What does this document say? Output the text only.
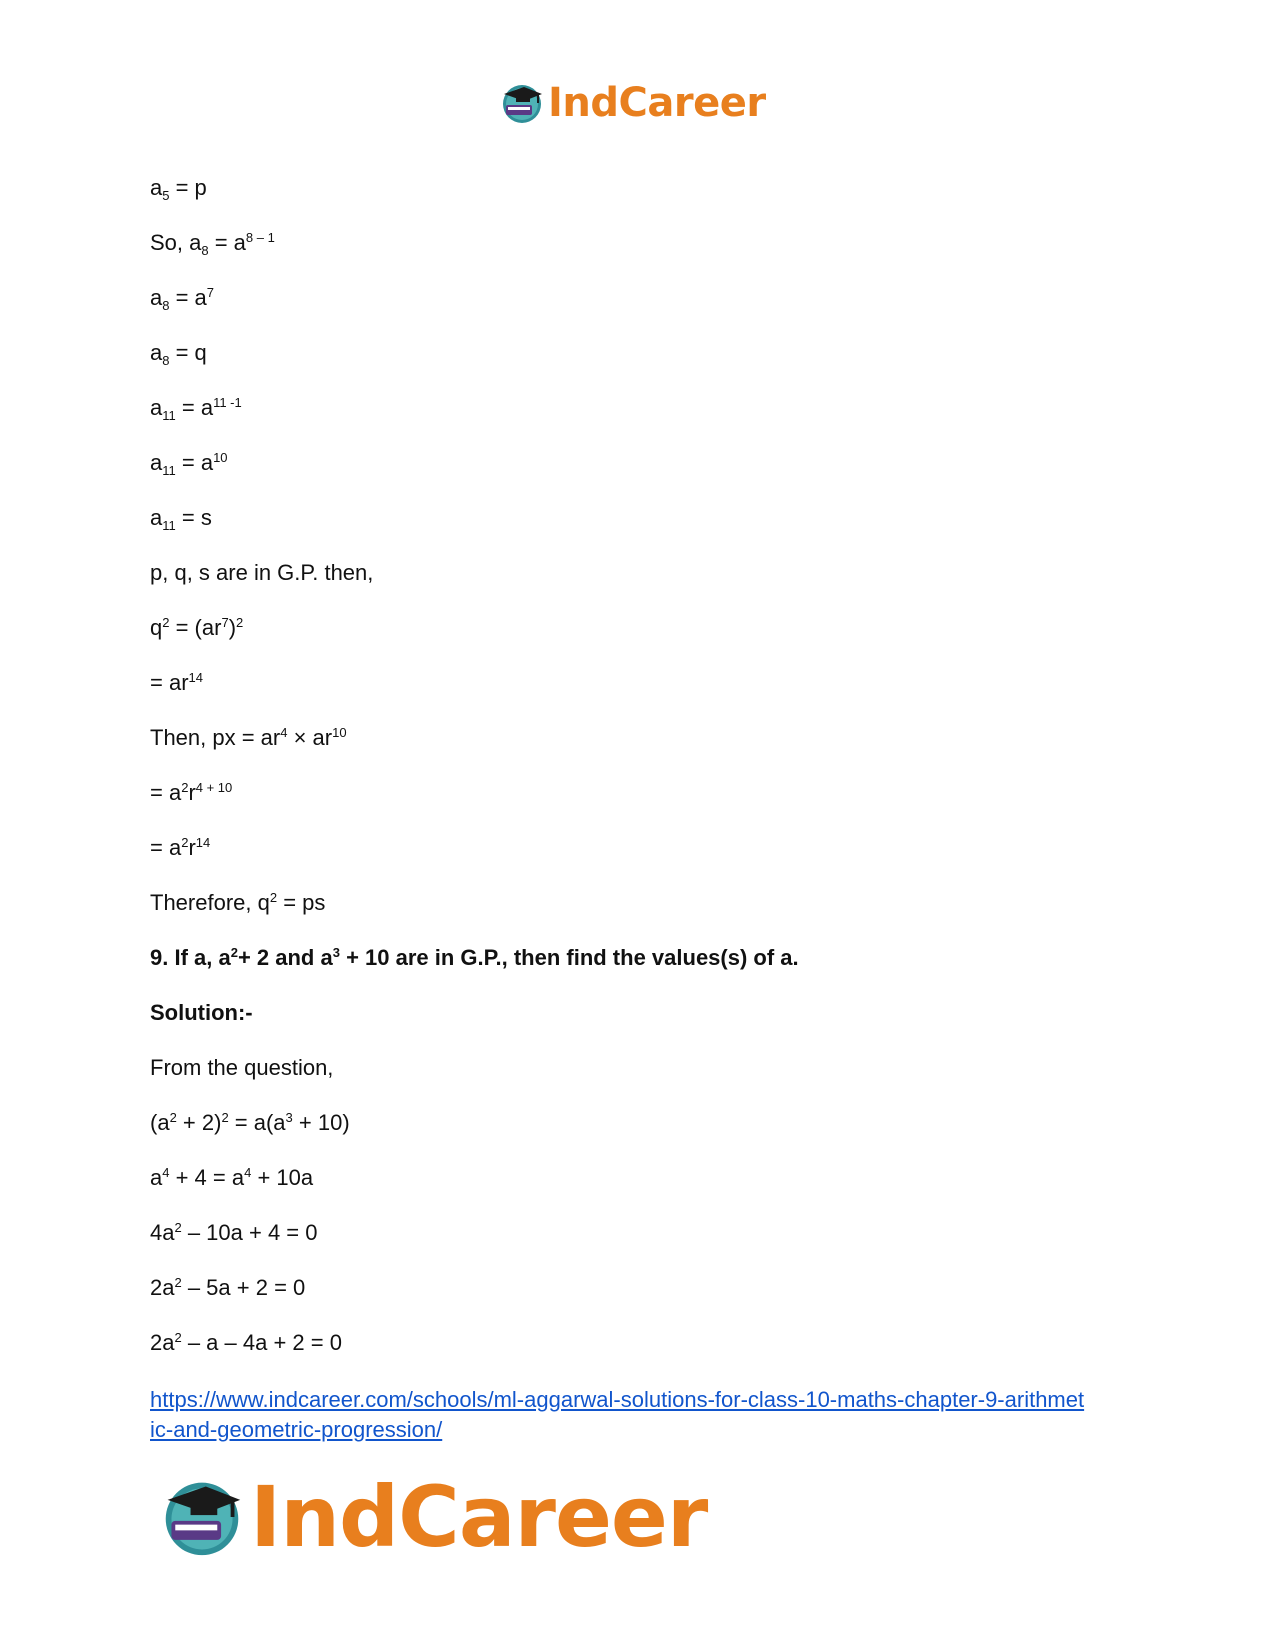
IndCareer
$a_5 = p$
So, $a_8 = a^{8 - 1}$
$a_8 = a^7$
$a_8 = q$
$a_{11} = a^{11 -1}$
$a_{11} = a^{10}$
$a_{11} = s$
p, q, s are in G.P. then,
$q^2 = (ar^7)^2$
= $ar^{14}$
Then, px = $ar^4 \times ar^{10}$
= $a^2r^{4 + 10}$
= $a^2r^{14}$
Therefore, $q^2$ = ps
9. If a, $a^2+ 2$ and $a^3 + 10$ are in G.P., then find the values(s) of a.
Solution:-
From the question,
$(a^2 + 2)^2 = a(a^3 + 10)$
$a^4 + 4 = a^4 + 10a$
$4a^2 - 10a + 4 = 0$
$2a^2 - 5a + 2 = 0$
$2a^2 - a - 4a + 2 = 0$
https://www.indcareer.com/schools/ml-aggarwal-solutions-for-class-10-maths-chapter-9-arithmet
ic-and-geometric-progression/
IndCareer
